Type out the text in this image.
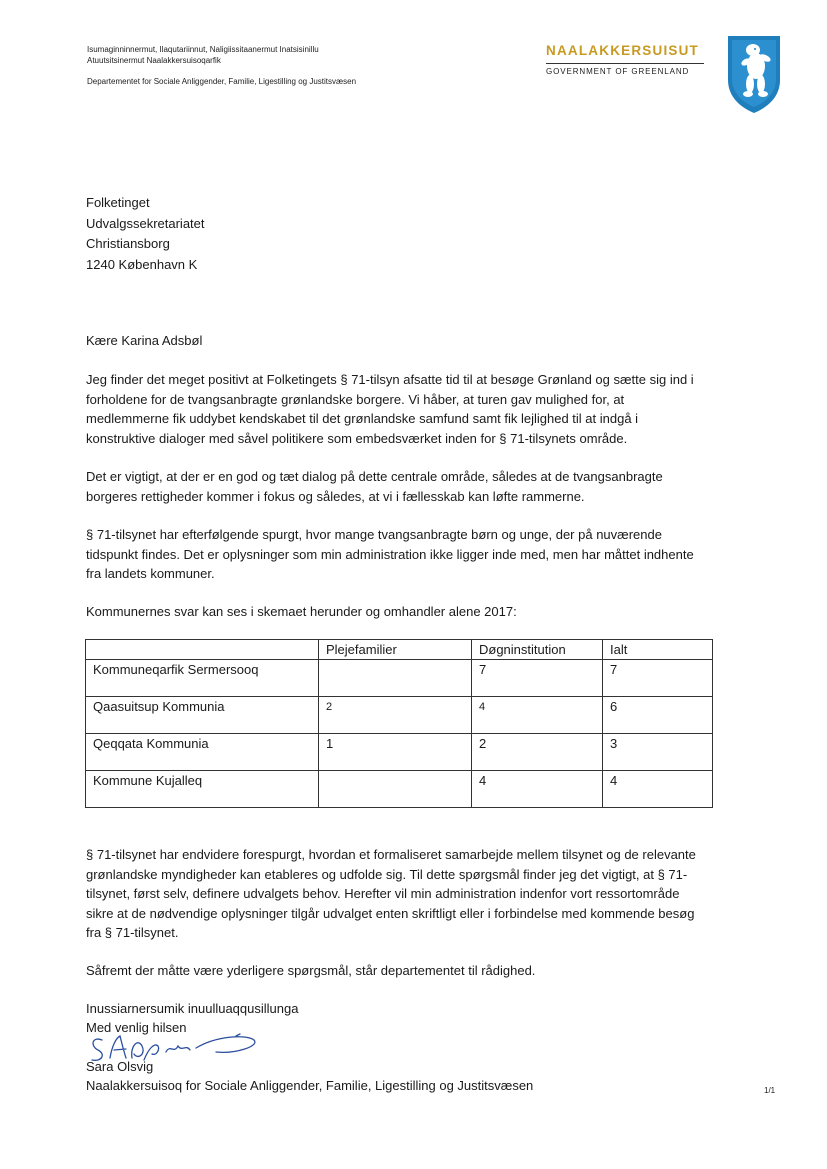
Isumaginninnermut, Ilaqutariinnut, Naligiissitaanermut Inatsisinillu
Atuutsitsinermut Naalakkersuisoqarfik
Departementet for Sociale Anliggender, Familie, Ligestilling og Justitsvæsen
NAALAKKERSUISUT
GOVERNMENT OF GREENLAND
Folketinget
Udvalgssekretariatet
Christiansborg
1240 København K
Kære Karina Adsbøl
Jeg finder det meget positivt at Folketingets § 71-tilsyn afsatte tid til at besøge Grønland og sætte sig ind i forholdene for de tvangsanbragte grønlandske borgere. Vi håber, at turen gav mulighed for, at medlemmerne fik uddybet kendskabet til det grønlandske samfund samt fik lejlighed til at indgå i konstruktive dialoger med såvel politikere som embedsværket inden for § 71-tilsynets område.
Det er vigtigt, at der er en god og tæt dialog på dette centrale område, således at de tvangsanbragte borgeres rettigheder kommer i fokus og således, at vi i fællesskab kan løfte rammerne.
§ 71-tilsynet har efterfølgende spurgt, hvor mange tvangsanbragte børn og unge, der på nuværende tidspunkt findes. Det er oplysninger som min administration ikke ligger inde med, men har måttet indhente fra landets kommuner.
Kommunernes svar kan ses i skemaet herunder og omhandler alene 2017:
	Plejefamilier	Døgninstitution	Ialt
Kommuneqarfik Sermersooq		7	7
Qaasuitsup Kommunia	2	4	6
Qeqqata Kommunia	1	2	3
Kommune Kujalleq		4	4
§ 71-tilsynet har endvidere forespurgt, hvordan et formaliseret samarbejde mellem tilsynet og de relevante grønlandske myndigheder kan etableres og udfolde sig. Til dette spørgsmål finder jeg det vigtigt, at § 71-tilsynet, først selv, definere udvalgets behov. Herefter vil min administration indenfor vort ressortområde sikre at de nødvendige oplysninger tilgår udvalget enten skriftligt eller i forbindelse med kommende besøg fra § 71-tilsynet.
Såfremt der måtte være yderligere spørgsmål, står departementet til rådighed.
Inussiarnersumik inuulluaqqusillunga
Med venlig hilsen
Sara Olsvig
Naalakkersuisoq for Sociale Anliggender, Familie, Ligestilling og Justitsvæsen	1/1
